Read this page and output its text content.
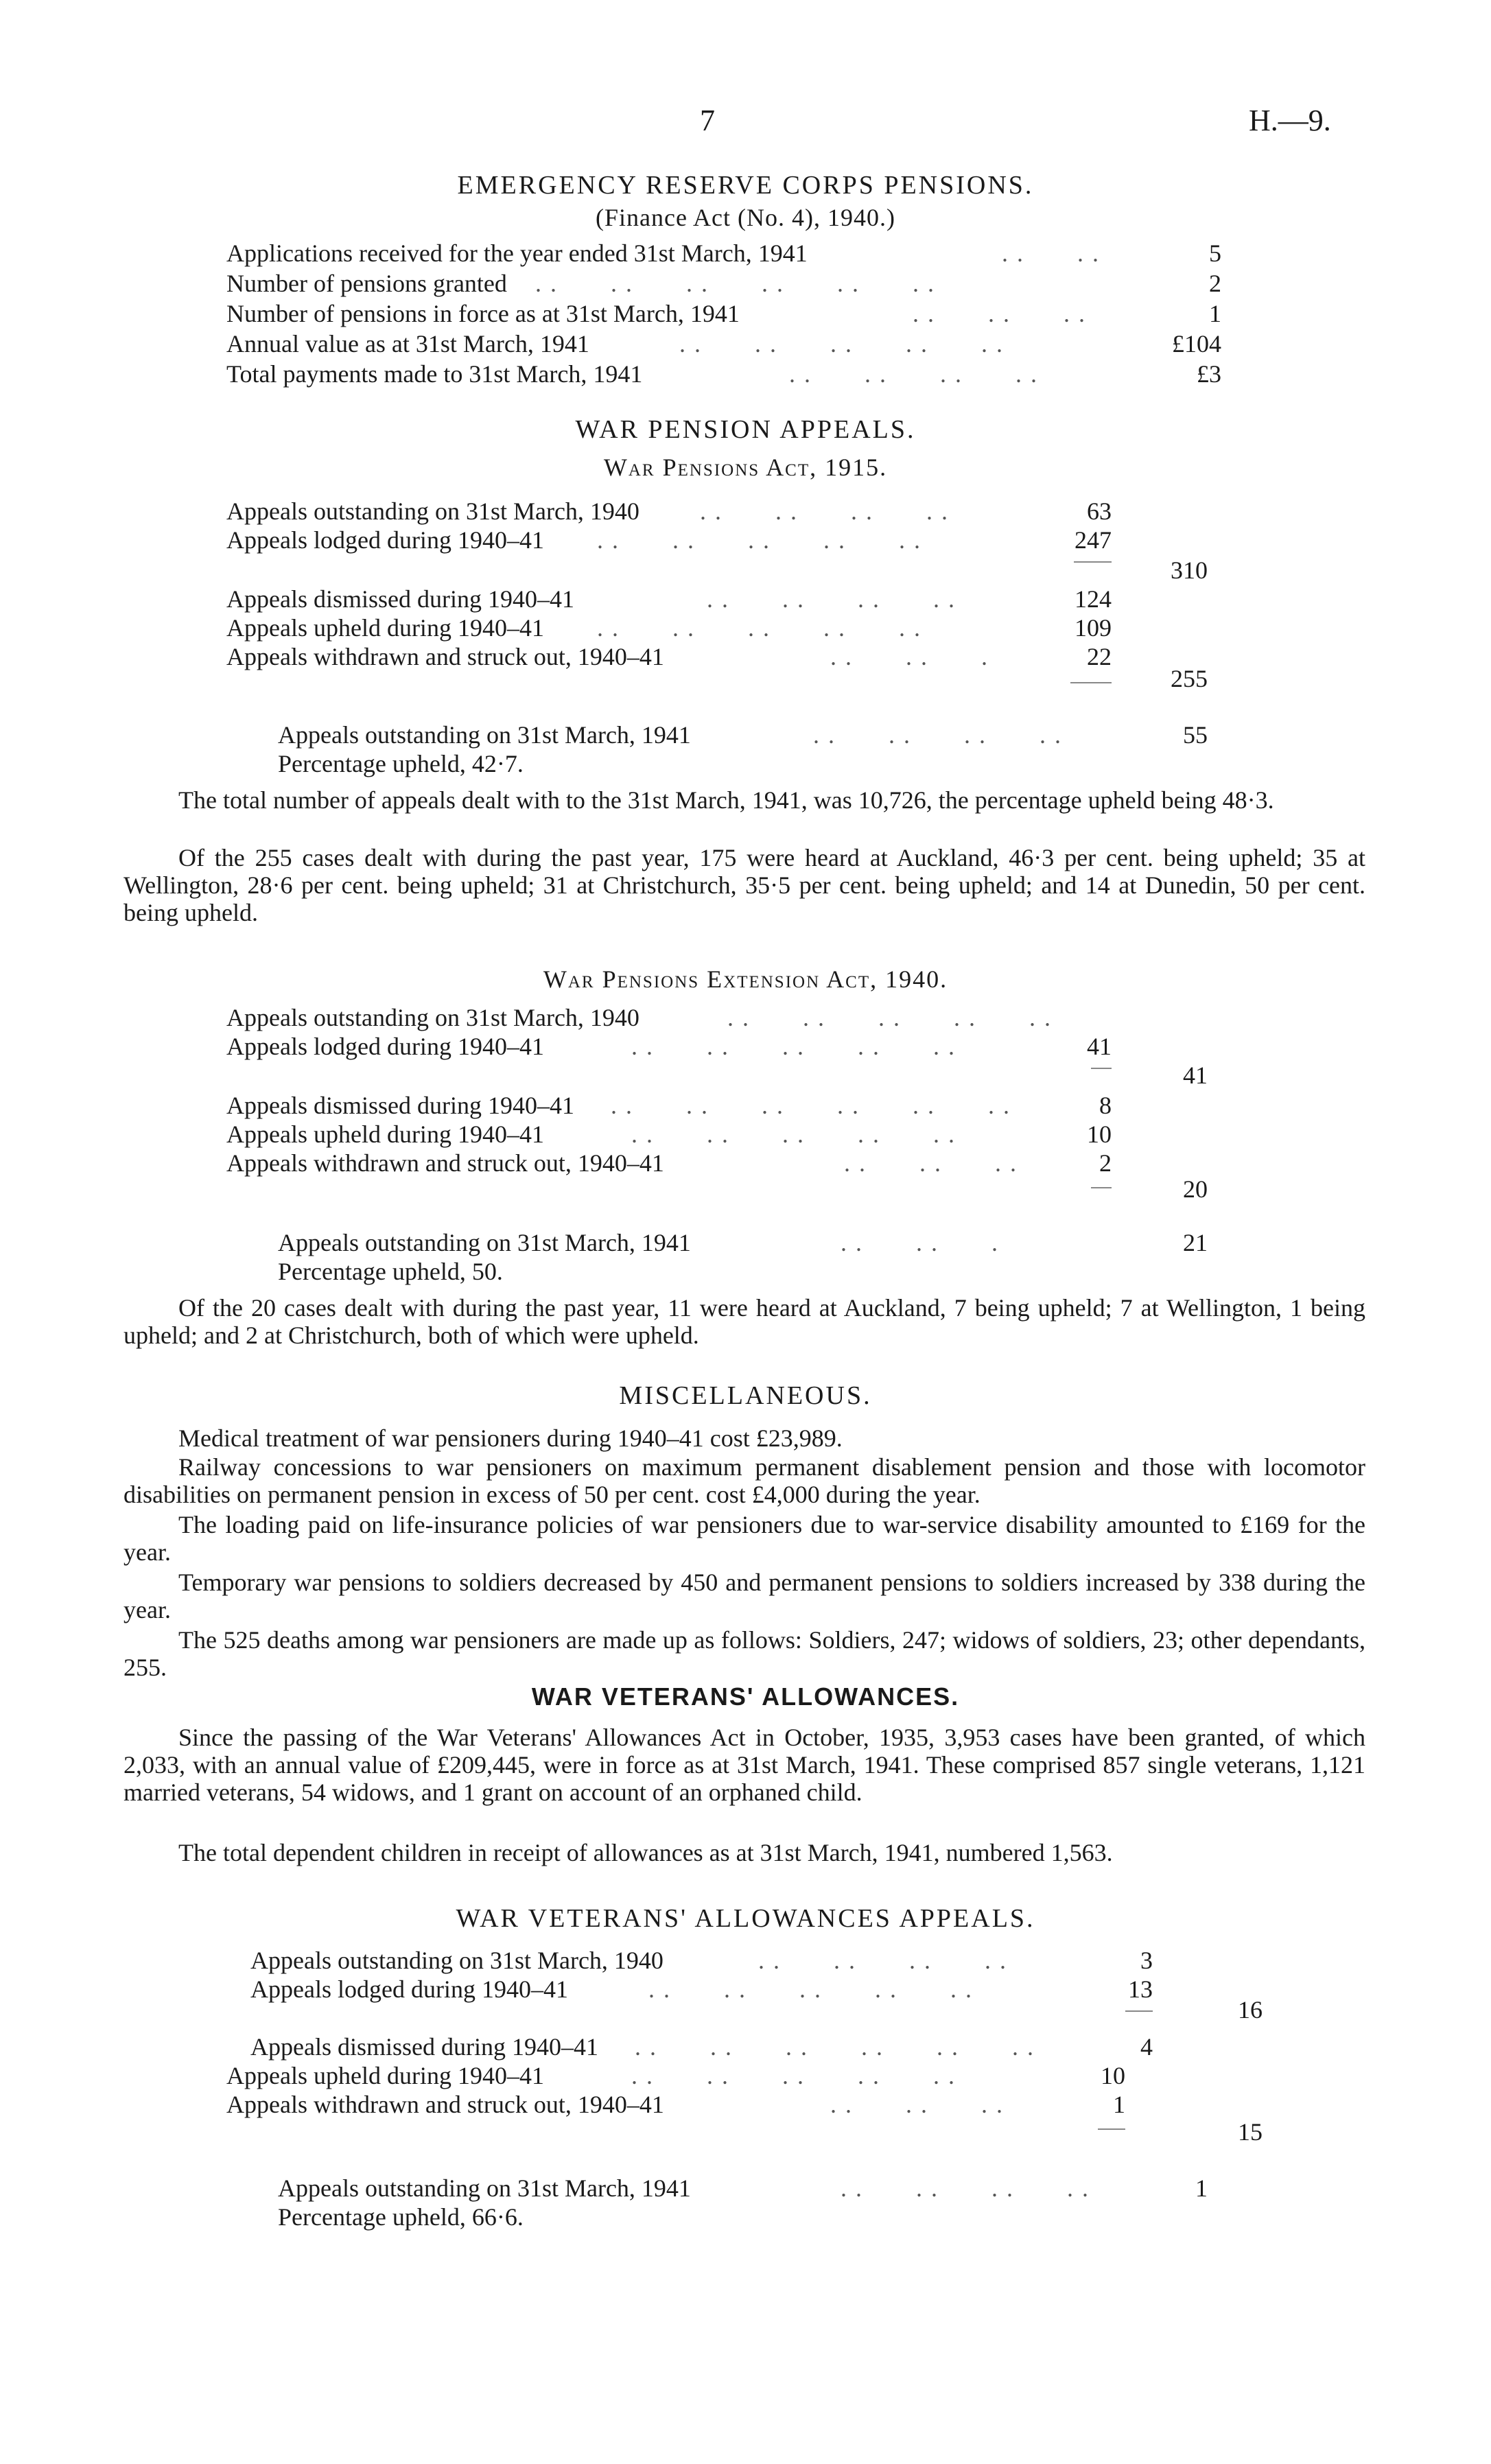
7	H.—9.
EMERGENCY RESERVE CORPS PENSIONS.
(Finance Act (No. 4), 1940.)
Applications received for the year ended 31st March, 1941	. .       . .	5
Number of pensions granted . .       . .       . .       . .       . .       . .	2
Number of pensions in force as at 31st March, 1941	. .       . .       . .	1
Annual value as at 31st March, 1941	. .       . .       . .       . .       . .	£104
Total payments made to 31st March, 1941	. .       . .       . .       . .	£3
WAR PENSION APPEALS.
War Pensions Act, 1915.
Appeals outstanding on 31st March, 1940 . .       . .       . .       . .	63
Appeals lodged during 1940–41 . .       . .       . .       . .       . .	247
310
Appeals dismissed during 1940–41	. .       . .       . .       . .	124
Appeals upheld during 1940–41 . .       . .       . .       . .       . .	109
Appeals withdrawn and struck out, 1940–41	. .       . .       .	22
255
Appeals outstanding on 31st March, 1941	. .       . .       . .       . .	55
Percentage upheld, 42·7.

The total number of appeals dealt with to the 31st March, 1941, was 10,726, the percentage upheld being 48·3.

Of the 255 cases dealt with during the past year, 175 were heard at Auckland, 46·3 per cent. being upheld; 35 at Wellington, 28·6 per cent. being upheld; 31 at Christchurch, 35·5 per cent. being upheld; and 14 at Dunedin, 50 per cent. being upheld.

War Pensions Extension Act, 1940.
Appeals outstanding on 31st March, 1940	. .       . .       . .       . .       . .
Appeals lodged during 1940–41	. .       . .       . .       . .       . .	41
41
Appeals dismissed during 1940–41 . .       . .       . .       . .       . .       . .	8
Appeals upheld during 1940–41	. .       . .       . .       . .       . .	10
Appeals withdrawn and struck out, 1940–41	. .       . .       . .	2
20
Appeals outstanding on 31st March, 1941	. .       . .       .	21
Percentage upheld, 50.

Of the 20 cases dealt with during the past year, 11 were heard at Auckland, 7 being upheld; 7 at Wellington, 1 being upheld; and 2 at Christchurch, both of which were upheld.

MISCELLANEOUS.

Medical treatment of war pensioners during 1940–41 cost £23,989.

Railway concessions to war pensioners on maximum permanent disablement pension and those with locomotor disabilities on permanent pension in excess of 50 per cent. cost £4,000 during the year.

The loading paid on life-insurance policies of war pensioners due to war-service disability amounted to £169 for the year.

Temporary war pensions to soldiers decreased by 450 and permanent pensions to soldiers increased by 338 during the year.

The 525 deaths among war pensioners are made up as follows: Soldiers, 247; widows of soldiers, 23; other dependants, 255.

WAR VETERANS' ALLOWANCES.

Since the passing of the War Veterans' Allowances Act in October, 1935, 3,953 cases have been granted, of which 2,033, with an annual value of £209,445, were in force as at 31st March, 1941. These comprised 857 single veterans, 1,121 married veterans, 54 widows, and 1 grant on account of an orphaned child.

The total dependent children in receipt of allowances as at 31st March, 1941, numbered 1,563.

WAR VETERANS' ALLOWANCES APPEALS.
Appeals outstanding on 31st March, 1940	. .       . .       . .       . .	3
Appeals lodged during 1940–41	. .       . .       . .       . .       . .	13
16
Appeals dismissed during 1940–41 . .       . .       . .       . .       . .       . .	4
Appeals upheld during 1940–41	. .       . .       . .       . .       . .	10
Appeals withdrawn and struck out, 1940–41	. .       . .       . .	1
15
Appeals outstanding on 31st March, 1941	. .       . .       . .       . .	1
Percentage upheld, 66·6.
